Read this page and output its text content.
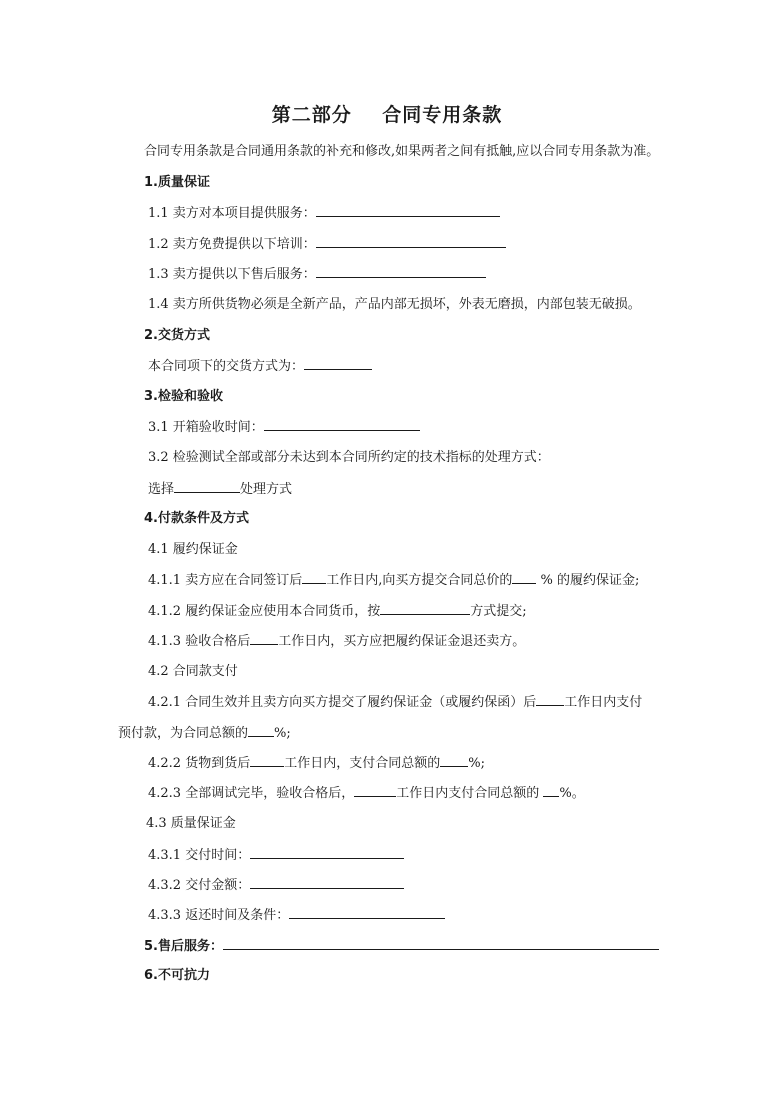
第二部分    合同专用条款
合同专用条款是合同通用条款的补充和修改,如果两者之间有抵触,应以合同专用条款为准。
1.质量保证
1.1 卖方对本项目提供服务：
1.2 卖方免费提供以下培训：
1.3 卖方提供以下售后服务：
1.4 卖方所供货物必须是全新产品，产品内部无损坏，外表无磨损，内部包装无破损。
2.交货方式
本合同项下的交货方式为：
3.检验和验收
3.1 开箱验收时间：
3.2 检验测试全部或部分未达到本合同所约定的技术指标的处理方式：
选择	处理方式
4.付款条件及方式
4.1 履约保证金
4.1.1 卖方应在合同签订后 工作日内,向买方提交合同总价的 % 的履约保证金;
4.1.2 履约保证金应使用本合同货币，按	方式提交;
4.1.3 验收合格后 工作日内，买方应把履约保证金退还卖方。
4.2 合同款支付
4.2.1 合同生效并且卖方向买方提交了履约保证金（或履约保函）后 工作日内支付
预付款，为合同总额的 %;
4.2.2 货物到货后	工作日内，支付合同总额的 %;
4.2.3 全部调试完毕，验收合格后，	工作日内支付合同总额的 %。
4.3 质量保证金
4.3.1 交付时间：
4.3.2 交付金额：
4.3.3 返还时间及条件：
5.售后服务：
6.不可抗力
